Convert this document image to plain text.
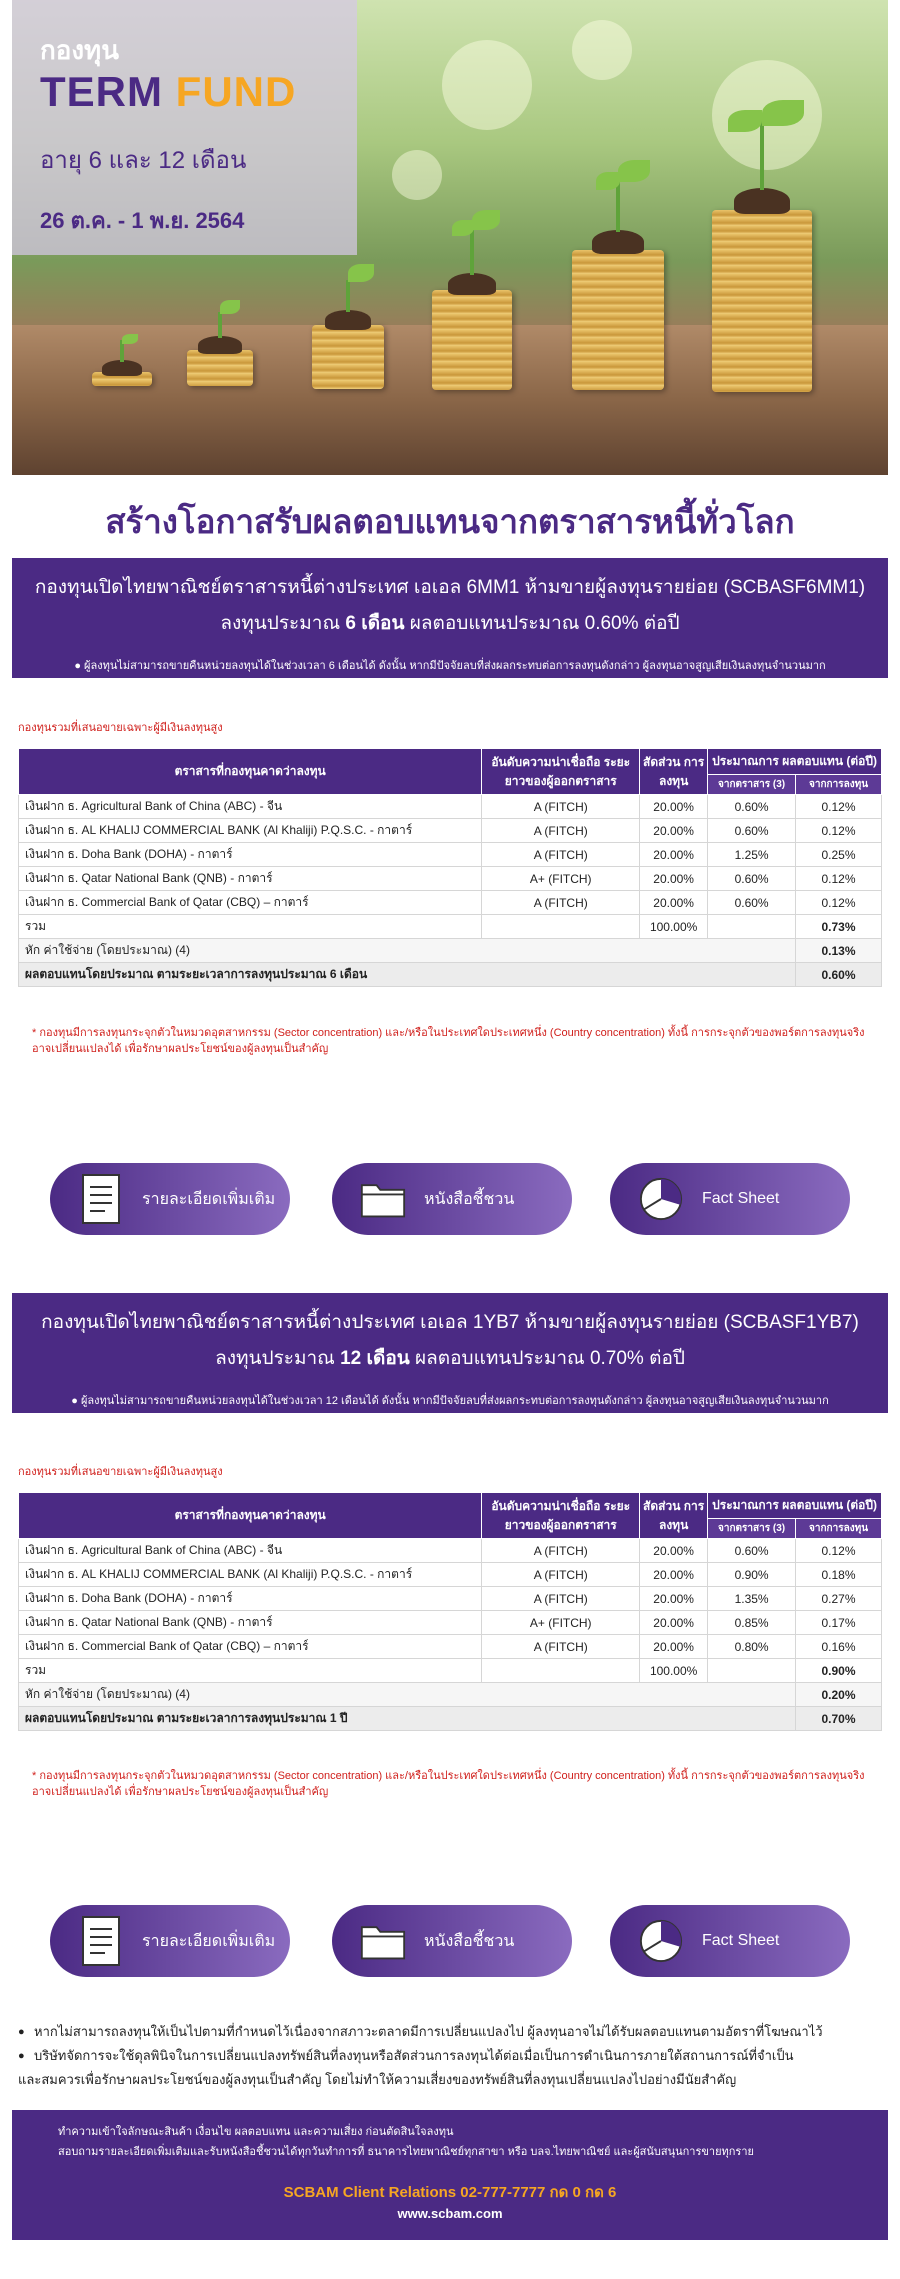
กองทุน
TERM FUND
อายุ 6 และ 12 เดือน
26 ต.ค. - 1 พ.ย. 2564
สร้างโอกาสรับผลตอบแทนจากตราสารหนี้ทั่วโลก
กองทุนเปิดไทยพาณิชย์ตราสารหนี้ต่างประเทศ เอเอล 6MM1 ห้ามขายผู้ลงทุนรายย่อย (SCBASF6MM1)
ลงทุนประมาณ 6 เดือน ผลตอบแทนประมาณ 0.60% ต่อปี
● ผู้ลงทุนไม่สามารถขายคืนหน่วยลงทุนได้ในช่วงเวลา 6 เดือนได้ ดังนั้น หากมีปัจจัยลบที่ส่งผลกระทบต่อการลงทุนดังกล่าว ผู้ลงทุนอาจสูญเสียเงินลงทุนจำนวนมาก
กองทุนรวมที่เสนอขายเฉพาะผู้มีเงินลงทุนสูง
ตราสารที่กองทุนคาดว่าลงทุน	อันดับความน่าเชื่อถือ ระยะยาวของผู้ออกตราสาร	สัดส่วน การลงทุน	ประมาณการ ผลตอบแทน (ต่อปี)	
			จากตราสาร (3)	จากการลงทุน
เงินฝาก ธ. Agricultural Bank of China (ABC) - จีน	A (FITCH)	20.00%	0.60%	0.12%
เงินฝาก ธ. AL KHALIJ COMMERCIAL BANK (Al Khaliji) P.Q.S.C. - กาตาร์	A (FITCH)	20.00%	0.60%	0.12%
เงินฝาก ธ. Doha Bank (DOHA) - กาตาร์	A (FITCH)	20.00%	1.25%	0.25%
เงินฝาก ธ. Qatar National Bank (QNB) - กาตาร์	A+ (FITCH)	20.00%	0.60%	0.12%
เงินฝาก ธ. Commercial Bank of Qatar (CBQ) – กาตาร์	A (FITCH)	20.00%	0.60%	0.12%
รวม		100.00%		0.73%
หัก ค่าใช้จ่าย (โดยประมาณ) (4)				0.13%
ผลตอบแทนโดยประมาณ ตามระยะเวลาการลงทุนประมาณ 6 เดือน				0.60%
* กองทุนมีการลงทุนกระจุกตัวในหมวดอุตสาหกรรม (Sector concentration) และ/หรือในประเทศใดประเทศหนึ่ง (Country concentration) ทั้งนี้ การกระจุกตัวของพอร์ตการลงทุนจริงอาจเปลี่ยนแปลงได้ เพื่อรักษาผลประโยชน์ของผู้ลงทุนเป็นสำคัญ
รายละเอียดเพิ่มเติม	หนังสือชี้ชวน	Fact Sheet
กองทุนเปิดไทยพาณิชย์ตราสารหนี้ต่างประเทศ เอเอล 1YB7 ห้ามขายผู้ลงทุนรายย่อย (SCBASF1YB7)
ลงทุนประมาณ 12 เดือน ผลตอบแทนประมาณ 0.70% ต่อปี
● ผู้ลงทุนไม่สามารถขายคืนหน่วยลงทุนได้ในช่วงเวลา 12 เดือนได้ ดังนั้น หากมีปัจจัยลบที่ส่งผลกระทบต่อการลงทุนดังกล่าว ผู้ลงทุนอาจสูญเสียเงินลงทุนจำนวนมาก
กองทุนรวมที่เสนอขายเฉพาะผู้มีเงินลงทุนสูง
ตราสารที่กองทุนคาดว่าลงทุน	อันดับความน่าเชื่อถือ ระยะยาวของผู้ออกตราสาร	สัดส่วน การลงทุน	ประมาณการ ผลตอบแทน (ต่อปี)	
			จากตราสาร (3)	จากการลงทุน
เงินฝาก ธ. Agricultural Bank of China (ABC) - จีน	A (FITCH)	20.00%	0.60%	0.12%
เงินฝาก ธ. AL KHALIJ COMMERCIAL BANK (Al Khaliji) P.Q.S.C. - กาตาร์	A (FITCH)	20.00%	0.90%	0.18%
เงินฝาก ธ. Doha Bank (DOHA) - กาตาร์	A (FITCH)	20.00%	1.35%	0.27%
เงินฝาก ธ. Qatar National Bank (QNB) - กาตาร์	A+ (FITCH)	20.00%	0.85%	0.17%
เงินฝาก ธ. Commercial Bank of Qatar (CBQ) – กาตาร์	A (FITCH)	20.00%	0.80%	0.16%
รวม		100.00%		0.90%
หัก ค่าใช้จ่าย (โดยประมาณ) (4)				0.20%
ผลตอบแทนโดยประมาณ ตามระยะเวลาการลงทุนประมาณ 1 ปี				0.70%
* กองทุนมีการลงทุนกระจุกตัวในหมวดอุตสาหกรรม (Sector concentration) และ/หรือในประเทศใดประเทศหนึ่ง (Country concentration) ทั้งนี้ การกระจุกตัวของพอร์ตการลงทุนจริงอาจเปลี่ยนแปลงได้ เพื่อรักษาผลประโยชน์ของผู้ลงทุนเป็นสำคัญ
รายละเอียดเพิ่มเติม	หนังสือชี้ชวน	Fact Sheet
● หากไม่สามารถลงทุนให้เป็นไปตามที่กำหนดไว้เนื่องจากสภาวะตลาดมีการเปลี่ยนแปลงไป ผู้ลงทุนอาจไม่ได้รับผลตอบแทนตามอัตราที่โฆษณาไว้
● บริษัทจัดการจะใช้ดุลพินิจในการเปลี่ยนแปลงทรัพย์สินที่ลงทุนหรือสัดส่วนการลงทุนได้ต่อเมื่อเป็นการดำเนินการภายใต้สถานการณ์ที่จำเป็น
และสมควรเพื่อรักษาผลประโยชน์ของผู้ลงทุนเป็นสำคัญ โดยไม่ทำให้ความเสี่ยงของทรัพย์สินที่ลงทุนเปลี่ยนแปลงไปอย่างมีนัยสำคัญ
ทำความเข้าใจลักษณะสินค้า เงื่อนไข ผลตอบแทน และความเสี่ยง ก่อนตัดสินใจลงทุน
สอบถามรายละเอียดเพิ่มเติมและรับหนังสือชี้ชวนได้ทุกวันทำการที่ ธนาคารไทยพาณิชย์ทุกสาขา หรือ บลจ.ไทยพาณิชย์ และผู้สนับสนุนการขายทุกราย
SCBAM Client Relations 02-777-7777 กด 0 กด 6
www.scbam.com
